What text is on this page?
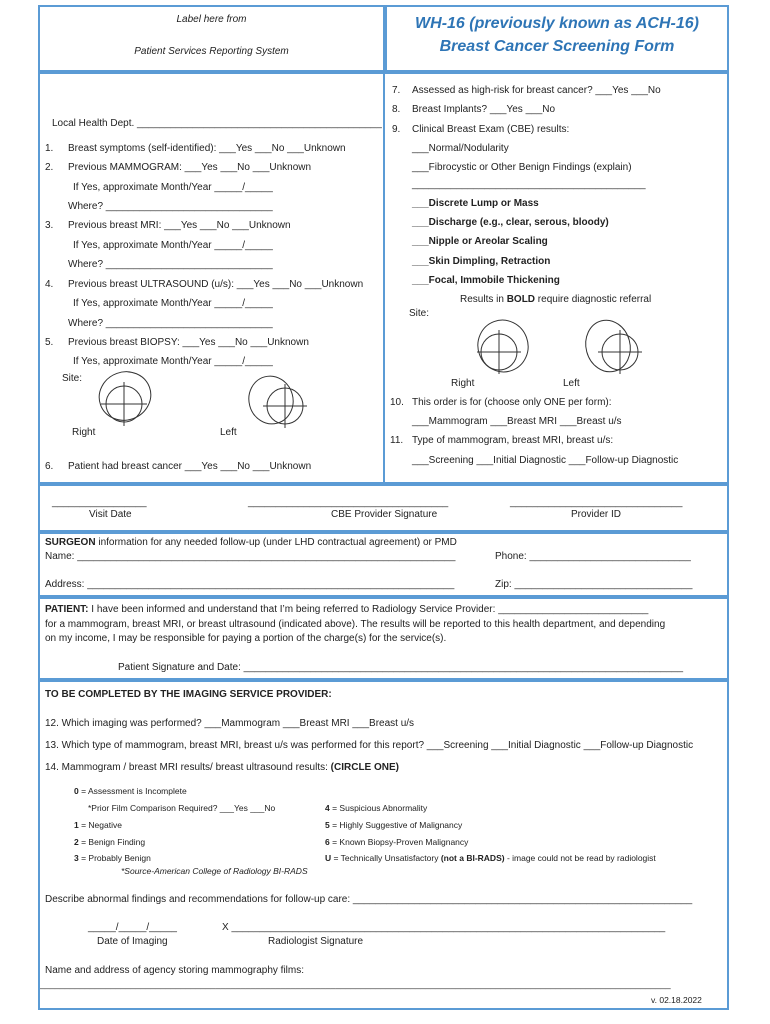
Label here from
Patient Services Reporting System
WH-16 (previously known as ACH-16)
Breast Cancer Screening Form
Local Health Dept. ____________________________________________
1. Breast symptoms (self-identified): ___Yes ___No ___Unknown
2. Previous MAMMOGRAM: ___Yes ___No ___Unknown
If Yes, approximate Month/Year _____/_____
Where? ______________________________
3. Previous breast MRI: ___Yes ___No ___Unknown
If Yes, approximate Month/Year _____/_____
Where? ______________________________
4. Previous breast ULTRASOUND (u/s): ___Yes ___No ___Unknown
If Yes, approximate Month/Year _____/_____
Where? ______________________________
5. Previous breast BIOPSY: ___Yes ___No ___Unknown
If Yes, approximate Month/Year _____/_____
Site:
Right	Left
6. Patient had breast cancer ___Yes ___No ___Unknown
7. Assessed as high-risk for breast cancer? ___Yes ___No
8. Breast Implants? ___Yes ___No
9. Clinical Breast Exam (CBE) results:
___Normal/Nodularity
___Fibrocystic or Other Benign Findings (explain)
__________________________________________
___Discrete Lump or Mass
___Discharge (e.g., clear, serous, bloody)
___Nipple or Areolar Scaling
___Skin Dimpling, Retraction
___Focal, Immobile Thickening
Results in BOLD require diagnostic referral
Site:
Right	Left
10. This order is for (choose only ONE per form):
___Mammogram ___Breast MRI ___Breast u/s
11. Type of mammogram, breast MRI, breast u/s:
___Screening ___Initial Diagnostic ___Follow-up Diagnostic
_________________
Visit Date
____________________________________
CBE Provider Signature
_______________________________
Provider ID
SURGEON information for any needed follow-up (under LHD contractual agreement) or PMD
Name: ____________________________________________________________________	Phone: _____________________________
Address: __________________________________________________________________	Zip: ________________________________
PATIENT: I have been informed and understand that I’m being referred to Radiology Service Provider: ___________________________
for a mammogram, breast MRI, or breast ultrasound (indicated above). The results will be reported to this health department, and depending
on my income, I may be responsible for paying a portion of the charge(s) for the service(s).
Patient Signature and Date: _______________________________________________________________________________
TO BE COMPLETED BY THE IMAGING SERVICE PROVIDER:
12. Which imaging was performed? ___Mammogram ___Breast MRI ___Breast u/s
13. Which type of mammogram, breast MRI, breast u/s was performed for this report? ___Screening ___Initial Diagnostic ___Follow-up Diagnostic
14. Mammogram / breast MRI results/ breast ultrasound results: (CIRCLE ONE)
0 = Assessment is Incomplete
*Prior Film Comparison Required? ___Yes ___No
1 = Negative
2 = Benign Finding
3 = Probably Benign
*Source-American College of Radiology BI-RADS
4 = Suspicious Abnormality
5 = Highly Suggestive of Malignancy
6 = Known Biopsy-Proven Malignancy
U = Technically Unsatisfactory (not a BI-RADS) - image could not be read by radiologist
Describe abnormal findings and recommendations for follow-up care: _____________________________________________________________
_____/_____/_____	X ______________________________________________________________________________
Date of Imaging	Radiologist Signature
Name and address of agency storing mammography films:
______________________________________________________________________________________________________________________________
v. 02.18.2022
